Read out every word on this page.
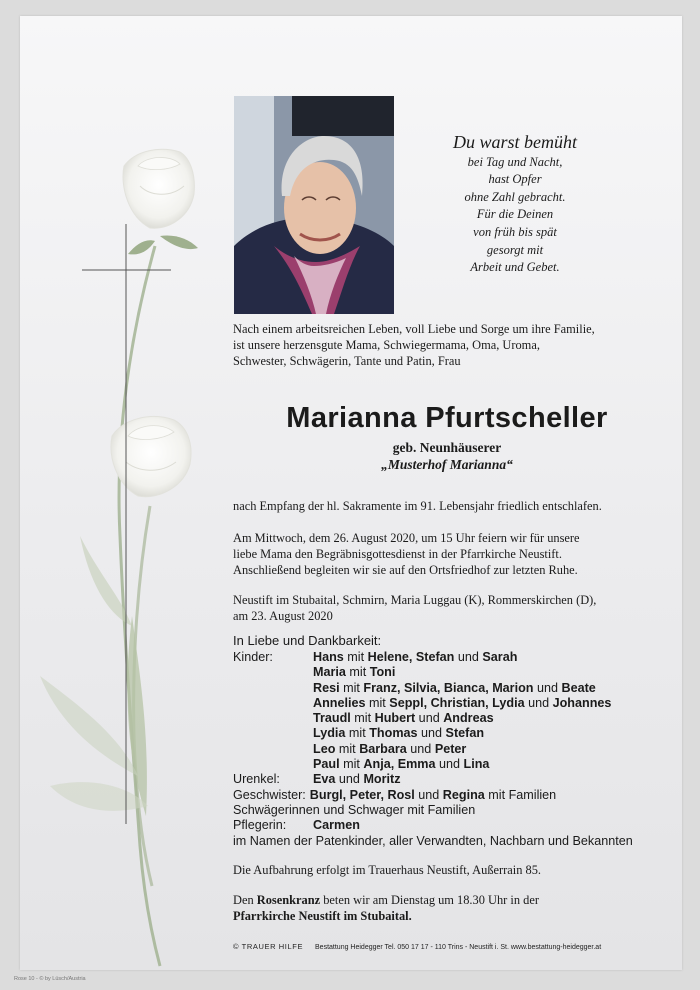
Du warst bemüht
bei Tag und Nacht,
hast Opfer
ohne Zahl gebracht.
Für die Deinen
von früh bis spät
gesorgt mit
Arbeit und Gebet.
Nach einem arbeitsreichen Leben, voll Liebe und Sorge um ihre Familie,
ist unsere herzensgute Mama, Schwiegermama, Oma, Uroma,
Schwester, Schwägerin, Tante und Patin, Frau
Marianna Pfurtscheller
geb. Neunhäuserer
„Musterhof Marianna“
nach Empfang der hl. Sakramente im 91. Lebensjahr friedlich entschlafen.
Am Mittwoch, dem 26. August 2020, um 15 Uhr feiern wir für unsere
liebe Mama den Begräbnisgottesdienst in der Pfarrkirche Neustift.
Anschließend begleiten wir sie auf den Ortsfriedhof zur letzten Ruhe.
Neustift im Stubaital, Schmirn, Maria Luggau (K), Rommerskirchen (D),
am 23. August 2020
In Liebe und Dankbarkeit:
Kinder:	Hans mit Helene, Stefan und Sarah
Maria mit Toni
Resi mit Franz, Silvia, Bianca, Marion und Beate
Annelies mit Seppl, Christian, Lydia und Johannes
Traudl mit Hubert und Andreas
Lydia mit Thomas und Stefan
Leo mit Barbara und Peter
Paul mit Anja, Emma und Lina
Urenkel:	Eva und Moritz
Geschwister: Burgl, Peter, Rosl und Regina mit Familien
Schwägerinnen und Schwager mit Familien
Pflegerin:	Carmen
im Namen der Patenkinder, aller Verwandten, Nachbarn und Bekannten
Die Aufbahrung erfolgt im Trauerhaus Neustift, Außerrain 85.
Den Rosenkranz beten wir am Dienstag um 18.30 Uhr in der
Pfarrkirche Neustift im Stubaital.
© TRAUER HILFE Bestattung Heidegger Tel. 050 17 17 - 110 Trins - Neustift i. St. www.bestattung-heidegger.at
Rose 10 - © by Lüsch/Austria
